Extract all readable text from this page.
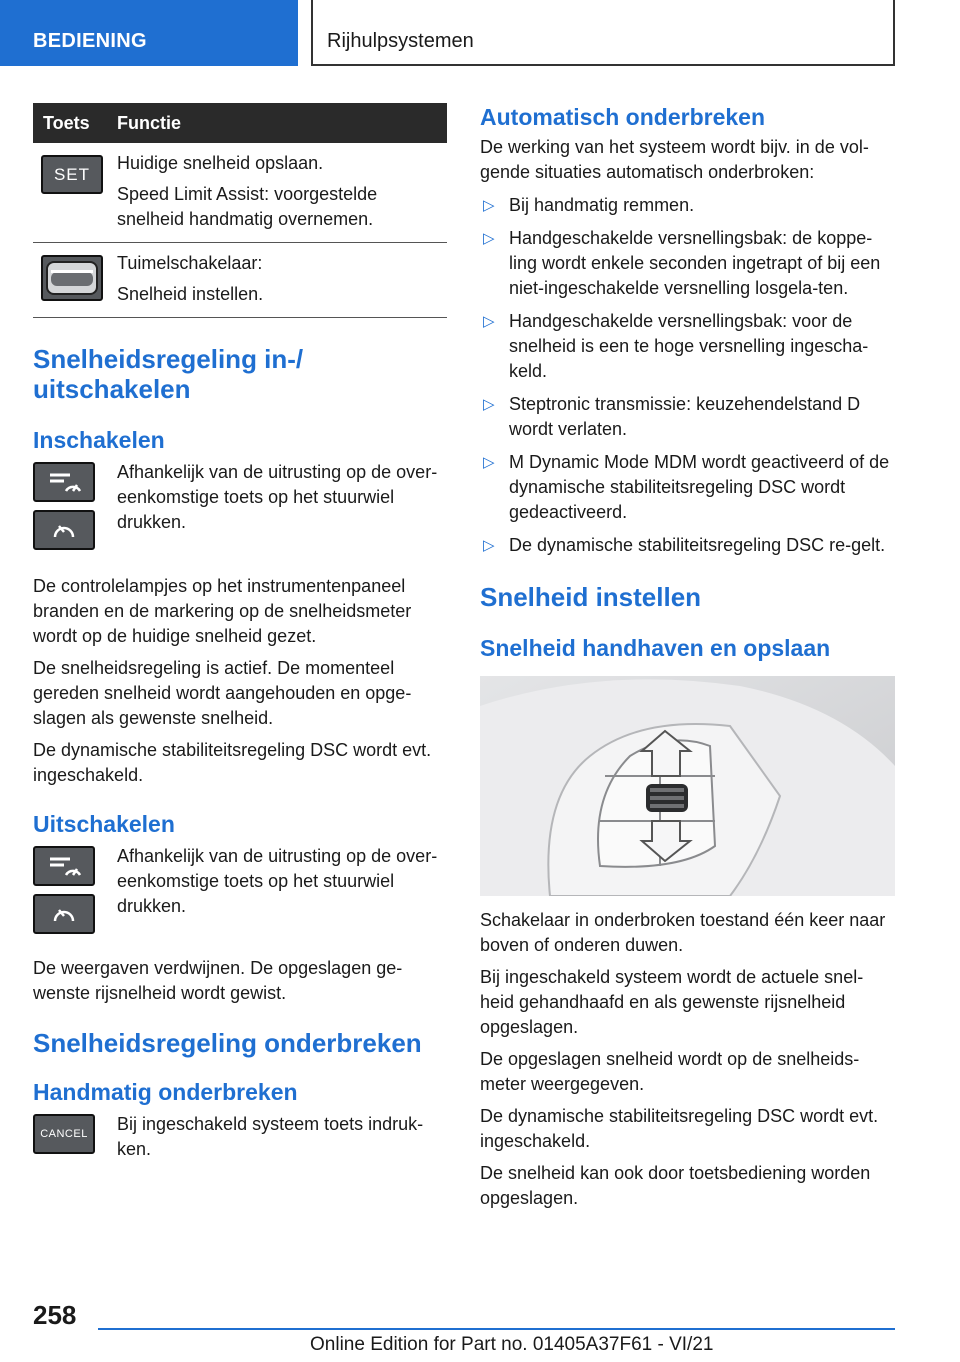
BEDIENING	Rijhulpsystemen
Toets	Functie

SET	Huidige snelheid opslaan.

Speed Limit Assist: voorgestelde snelheid handmatig overnemen.

Tuimelschakelaar:

Snelheid instellen.

Snelheidsregeling in-/ uitschakelen
Inschakelen

Afhankelijk van de uitrusting op de over-eenkomstige toets op het stuurwiel drukken.

De controlelampjes op het instrumentenpaneel branden en de markering op de snelheidsmeter wordt op de huidige snelheid gezet.

De snelheidsregeling is actief. De momenteel gereden snelheid wordt aangehouden en opge-slagen als gewenste snelheid.

De dynamische stabiliteitsregeling DSC wordt evt. ingeschakeld.

Uitschakelen

Afhankelijk van de uitrusting op de over-eenkomstige toets op het stuurwiel drukken.

De weergaven verdwijnen. De opgeslagen ge-wenste rijsnelheid wordt gewist.

Snelheidsregeling onderbreken
Handmatig onderbreken
CANCEL Bij ingeschakeld systeem toets indruk-ken.

Automatisch onderbreken

De werking van het systeem wordt bijv. in de vol-gende situaties automatisch onderbroken:

▷ Bij handmatig remmen.
▷ Handgeschakelde versnellingsbak: de koppe-ling wordt enkele seconden ingetrapt of bij een niet-ingeschakelde versnelling losgela-ten.
▷ Handgeschakelde versnellingsbak: voor de snelheid is een te hoge versnelling ingescha-keld.
▷ Steptronic transmissie: keuzehendelstand D wordt verlaten.
▷ M Dynamic Mode MDM wordt geactiveerd of de dynamische stabiliteitsregeling DSC wordt gedeactiveerd.
▷ De dynamische stabiliteitsregeling DSC re-gelt.
Snelheid instellen
Snelheid handhaven en opslaan

Schakelaar in onderbroken toestand één keer naar boven of onderen duwen.

Bij ingeschakeld systeem wordt de actuele snel-heid gehandhaafd en als gewenste rijsnelheid opgeslagen.

De opgeslagen snelheid wordt op de snelheids-meter weergegeven.

De dynamische stabiliteitsregeling DSC wordt evt. ingeschakeld.

De snelheid kan ook door toetsbediening worden opgeslagen.

258
Online Edition for Part no. 01405A37F61 - VI/21
